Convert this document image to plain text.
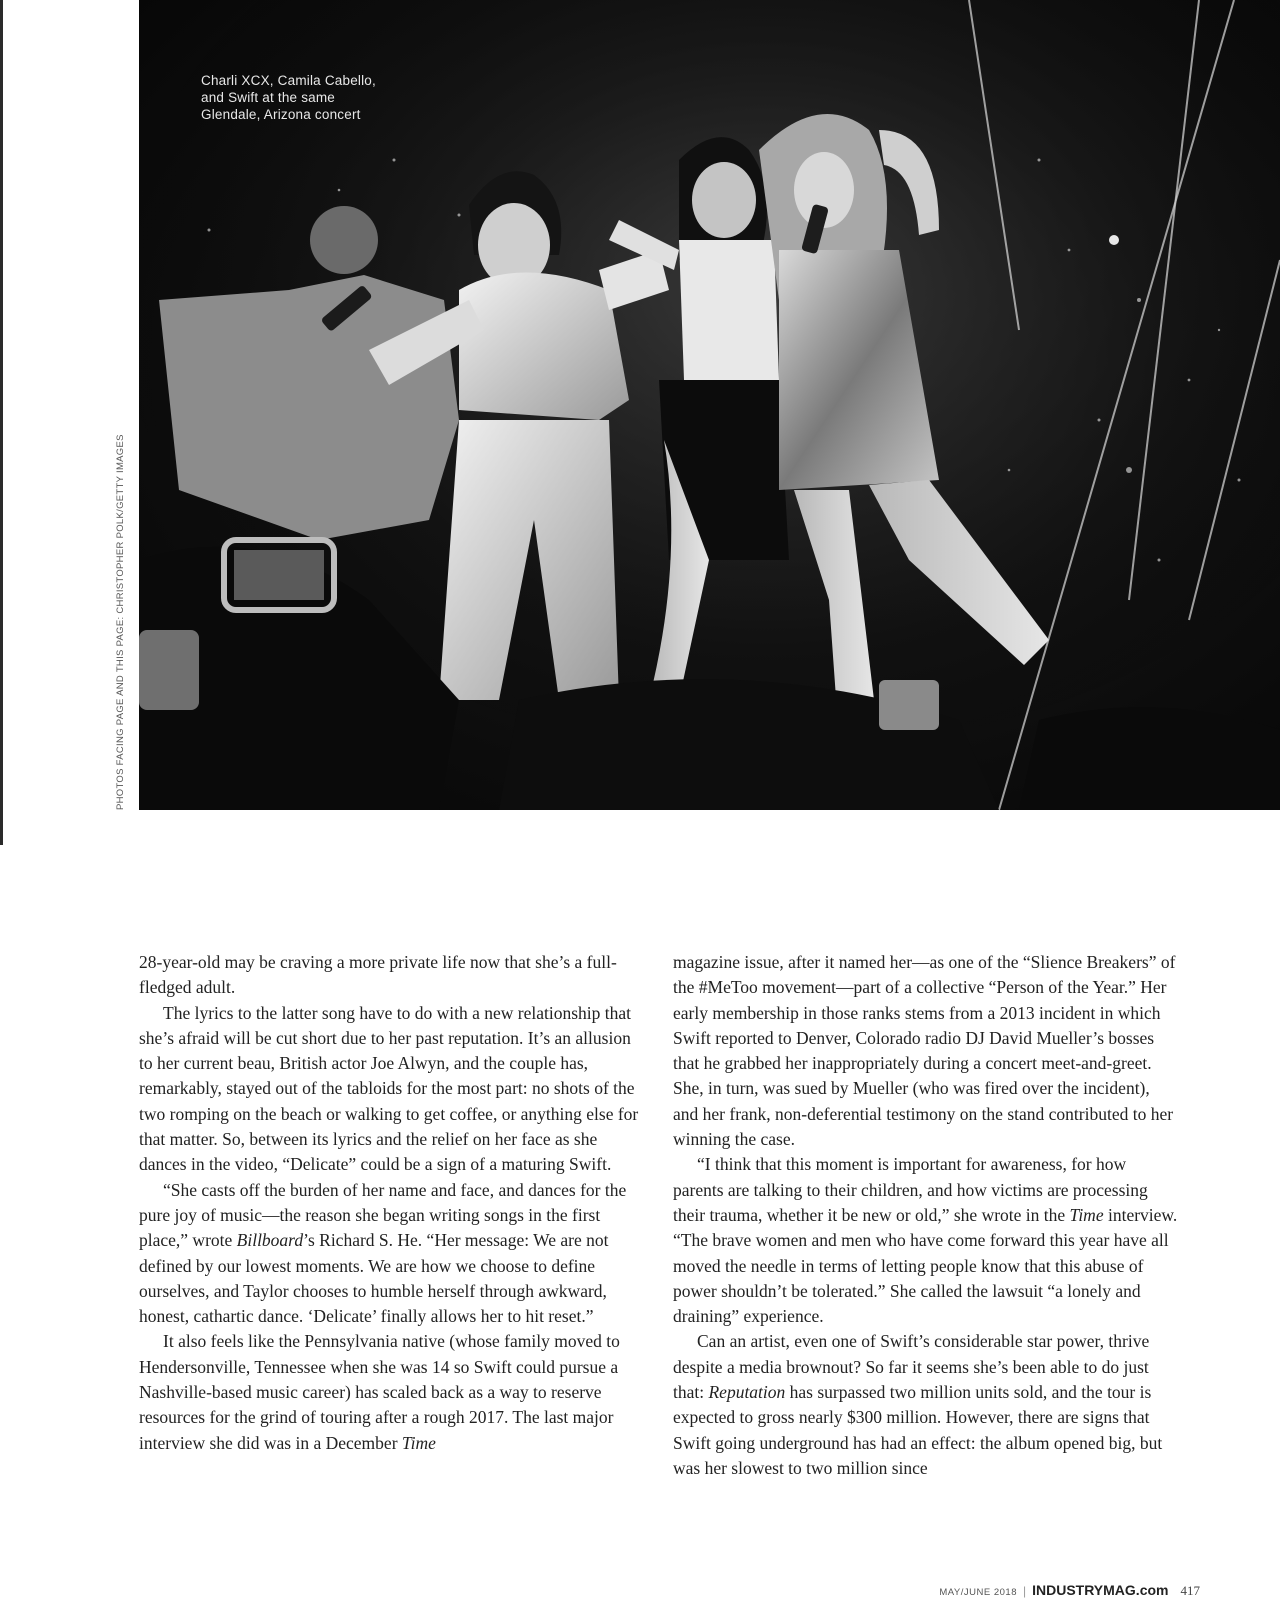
Charli XCX, Camila Cabello,
and Swift at the same
Glendale, Arizona concert
PHOTOS FACING PAGE AND THIS PAGE: CHRISTOPHER POLK/GETTY IMAGES

28-year-old may be craving a more private life now that she’s a full-fledged adult.

The lyrics to the latter song have to do with a new relationship that she’s afraid will be cut short due to her past reputation. It’s an allusion to her current beau, British actor Joe Alwyn, and the couple has, remarkably, stayed out of the tabloids for the most part: no shots of the two romping on the beach or walking to get coffee, or anything else for that matter. So, between its lyrics and the relief on her face as she dances in the video, “Delicate” could be a sign of a maturing Swift.

“She casts off the burden of her name and face, and dances for the pure joy of music—the reason she began writing songs in the first place,” wrote Billboard’s Richard S. He. “Her message: We are not defined by our lowest moments. We are how we choose to define ourselves, and Taylor chooses to humble herself through awkward, honest, cathartic dance. ‘Delicate’ finally allows her to hit reset.”

It also feels like the Pennsylvania native (whose family moved to Hendersonville, Tennessee when she was 14 so Swift could pursue a Nashville-based music career) has scaled back as a way to reserve resources for the grind of touring after a rough 2017. The last major interview she did was in a December Time

magazine issue, after it named her—as one of the “Slience Breakers” of the #MeToo movement—part of a collective “Person of the Year.” Her early membership in those ranks stems from a 2013 incident in which Swift reported to Denver, Colorado radio DJ David Mueller’s bosses that he grabbed her inappropriately during a concert meet-and-greet. She, in turn, was sued by Mueller (who was fired over the incident), and her frank, non-deferential testimony on the stand contributed to her winning the case.

“I think that this moment is important for awareness, for how parents are talking to their children, and how victims are processing their trauma, whether it be new or old,” she wrote in the Time interview. “The brave women and men who have come forward this year have all moved the needle in terms of letting people know that this abuse of power shouldn’t be tolerated.” She called the lawsuit “a lonely and draining” experience.

Can an artist, even one of Swift’s considerable star power, thrive despite a media brownout? So far it seems she’s been able to do just that: Reputation has surpassed two million units sold, and the tour is expected to gross nearly $300 million. However, there are signs that Swift going underground has had an effect: the album opened big, but was her slowest to two million since

MAY/JUNE 2018 | INDUSTRYMAG.com 417
